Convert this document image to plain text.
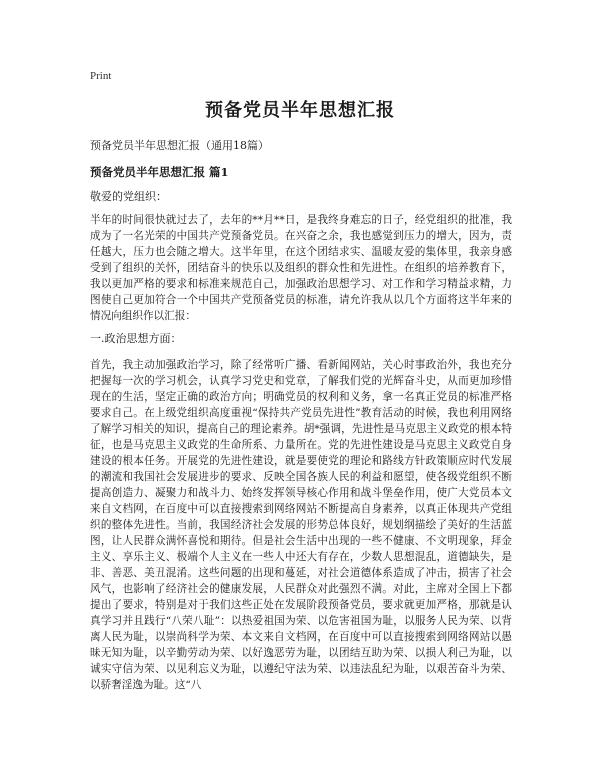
Print
预备党员半年思想汇报
预备党员半年思想汇报（通用18篇）
预备党员半年思想汇报 篇1
敬爱的党组织：

半年的时间很快就过去了，去年的**月**日，是我终身难忘的日子，经党组织的批准，我成为了一名光荣的中国共产党预备党员。在兴奋之余，我也感觉到压力的增大，因为，责任越大，压力也会随之增大。这半年里，在这个团结求实、温暖友爱的集体里，我亲身感受到了组织的关怀，团结奋斗的快乐以及组织的群众性和先进性。在组织的培养教育下，我以更加严格的要求和标准来规范自己，加强政治思想学习、对工作和学习精益求精，力图使自己更加符合一个中国共产党预备党员的标准，请允许我从以几个方面将这半年来的情况向组织作以汇报：

一.政治思想方面：

首先，我主动加强政治学习，除了经常听广播、看新闻网站，关心时事政治外，我也充分把握每一次的学习机会，认真学习党史和党章，了解我们党的光辉奋斗史，从而更加珍惜现在的生活，坚定正确的政治方向；明确党员的权利和义务，拿一名真正党员的标准严格要求自己。在上级党组织高度重视“保持共产党员先进性”教育活动的时候，我也利用网络了解学习相关的知识，提高自己的理论素养。胡*强调，先进性是马克思主义政党的根本特征，也是马克思主义政党的生命所系、力量所在。党的先进性建设是马克思主义政党自身建设的根本任务。开展党的先进性建设，就是要使党的理论和路线方针政策顺应时代发展的潮流和我国社会发展进步的要求、反映全国各族人民的利益和愿望，使各级党组织不断提高创造力、凝聚力和战斗力、始终发挥领导核心作用和战斗堡垒作用，使广大党员本文来自文档网，在百度中可以直接搜索到网络网站不断提高自身素养，以真正体现共产党组织的整体先进性。当前，我国经济社会发展的形势总体良好，规划纲描绘了美好的生活蓝图，让人民群众满怀喜悦和期待。但是社会生活中出现的一些不健康、不文明现象，拜金主义、享乐主义、极端个人主义在一些人中还大有存在，少数人思想混乱，道德缺失，是非、善恶、美丑混淆。这些问题的出现和蔓延，对社会道德体系造成了冲击，损害了社会风气，也影响了经济社会的健康发展，人民群众对此强烈不满。对此，主席对全国上下都提出了要求，特别是对于我们这些正处在发展阶段预备党员，要求就更加严格，那就是认真学习并且践行“八荣八耻”：以热爱祖国为荣、以危害祖国为耻，以服务人民为荣、以背离人民为耻，以崇尚科学为荣、本文来自文档网，在百度中可以直接搜索到网络网站以愚昧无知为耻，以辛勤劳动为荣、以好逸恶劳为耻，以团结互助为荣、以损人利己为耻，以诚实守信为荣、以见利忘义为耻，以遵纪守法为荣、以违法乱纪为耻，以艰苦奋斗为荣、以骄奢淫逸为耻。这“八
